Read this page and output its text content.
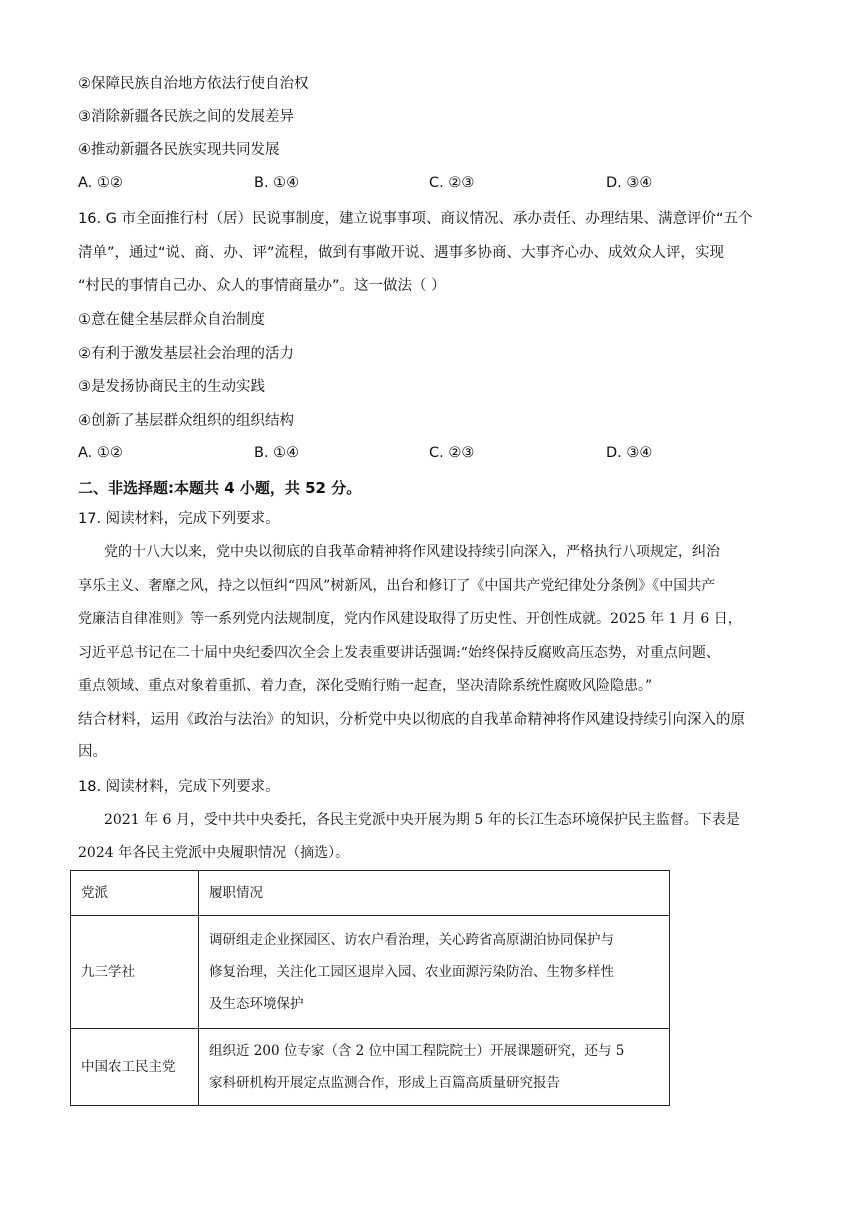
②保障民族自治地方依法行使自治权
③消除新疆各民族之间的发展差异
④推动新疆各民族实现共同发展
A. ①②	B. ①④	C. ②③	D. ③④
16. G 市全面推行村（居）民说事制度，建立说事事项、商议情况、承办责任、办理结果、满意评价“五个
清单”，通过“说、商、办、评”流程，做到有事敞开说、遇事多协商、大事齐心办、成效众人评，实现
“村民的事情自己办、众人的事情商量办”。这一做法（ ）
①意在健全基层群众自治制度
②有利于激发基层社会治理的活力
③是发扬协商民主的生动实践
④创新了基层群众组织的组织结构
A. ①②	B. ①④	C. ②③	D. ③④
二、非选择题:本题共 4 小题，共 52 分。
17. 阅读材料，完成下列要求。
党的十八大以来，党中央以彻底的自我革命精神将作风建设持续引向深入，严格执行八项规定，纠治
享乐主义、奢靡之风，持之以恒纠“四风”树新风，出台和修订了《中国共产党纪律处分条例》《中国共产
党廉洁自律准则》等一系列党内法规制度，党内作风建设取得了历史性、开创性成就。2025 年 1 月 6 日，
习近平总书记在二十届中央纪委四次全会上发表重要讲话强调:“始终保持反腐败高压态势，对重点问题、
重点领域、重点对象着重抓、着力查，深化受贿行贿一起查，坚决清除系统性腐败风险隐患。”
结合材料，运用《政治与法治》的知识，分析党中央以彻底的自我革命精神将作风建设持续引向深入的原
因。
18. 阅读材料，完成下列要求。
2021 年 6 月，受中共中央委托，各民主党派中央开展为期 5 年的长江生态环境保护民主监督。下表是
2024 年各民主党派中央履职情况（摘选）。
党派	履职情况
九三学社	调研组走企业探园区、访农户看治理，关心跨省高原湖泊协同保护与
修复治理，关注化工园区退岸入园、农业面源污染防治、生物多样性
及生态环境保护

中国农工民主党	组织近 200 位专家（含 2 位中国工程院院士）开展课题研究，还与 5
家科研机构开展定点监测合作，形成上百篇高质量研究报告
